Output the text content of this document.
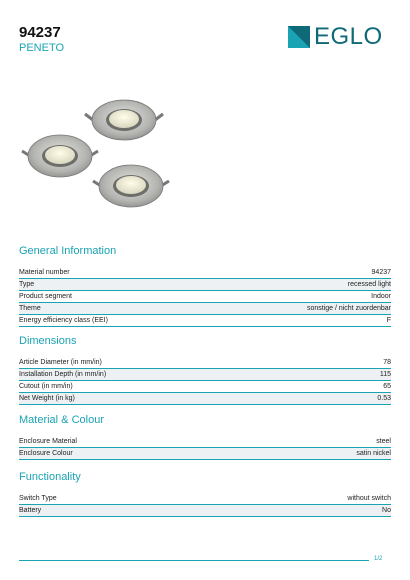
94237
PENETO	EGLO
General Information
Material number	94237
Type	recessed light
Product segment	Indoor
Theme	sonstige / nicht zuordenbar
Energy efficiency class (EEI)	F
Dimensions
Article Diameter (in mm/in)	78
Installation Depth (in mm/in)	115
Cutout (in mm/in)	65
Net Weight (in kg)	0.53
Material & Colour
Enclosure Material	steel
Enclosure Colour	satin nickel
Functionality
Switch Type	without switch
Battery	No
1/2
